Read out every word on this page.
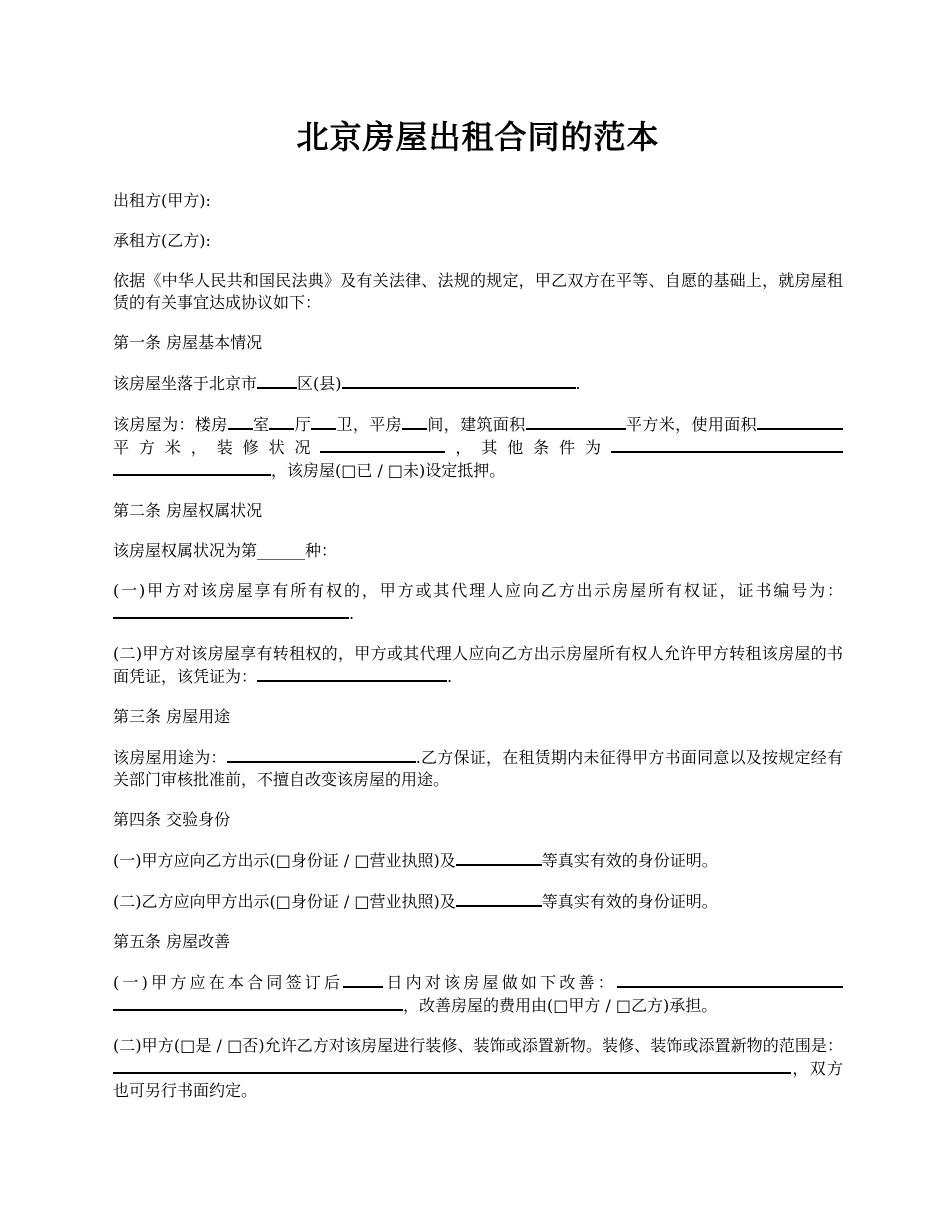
北京房屋出租合同的范本

出租方(甲方):

承租方(乙方):

依据《中华人民共和国民法典》及有关法律、法规的规定，甲乙双方在平等、自愿的基础上，就房屋租赁的有关事宜达成协议如下：

第一条 房屋基本情况

该房屋坐落于北京市	区(县)	.

该房屋为：楼房 室 厅 卫，平房 间，建筑面积	平方米，使用面积平方米，装修状况	，其他条件为，该房屋(□已 / □未)设定抵押。

第二条 房屋权属状况

该房屋权属状况为第______种：

(一)甲方对该房屋享有所有权的，甲方或其代理人应向乙方出示房屋所有权证，证书编号为：.

(二)甲方对该房屋享有转租权的，甲方或其代理人应向乙方出示房屋所有权人允许甲方转租该房屋的书面凭证，该凭证为：	.

第三条 房屋用途

该房屋用途为：	.乙方保证，在租赁期内未征得甲方书面同意以及按规定经有关部门审核批准前，不擅自改变该房屋的用途。

第四条 交验身份

(一)甲方应向乙方出示(□身份证 / □营业执照)及	等真实有效的身份证明。

(二)乙方应向甲方出示(□身份证 / □营业执照)及	等真实有效的身份证明。

第五条 房屋改善

(一)甲方应在本合同签订后	日内对该房屋做如下改善：，改善房屋的费用由(□甲方 / □乙方)承担。

(二)甲方(□是 / □否)允许乙方对该房屋进行装修、装饰或添置新物。装修、装饰或添置新物的范围是：，双方也可另行书面约定。
